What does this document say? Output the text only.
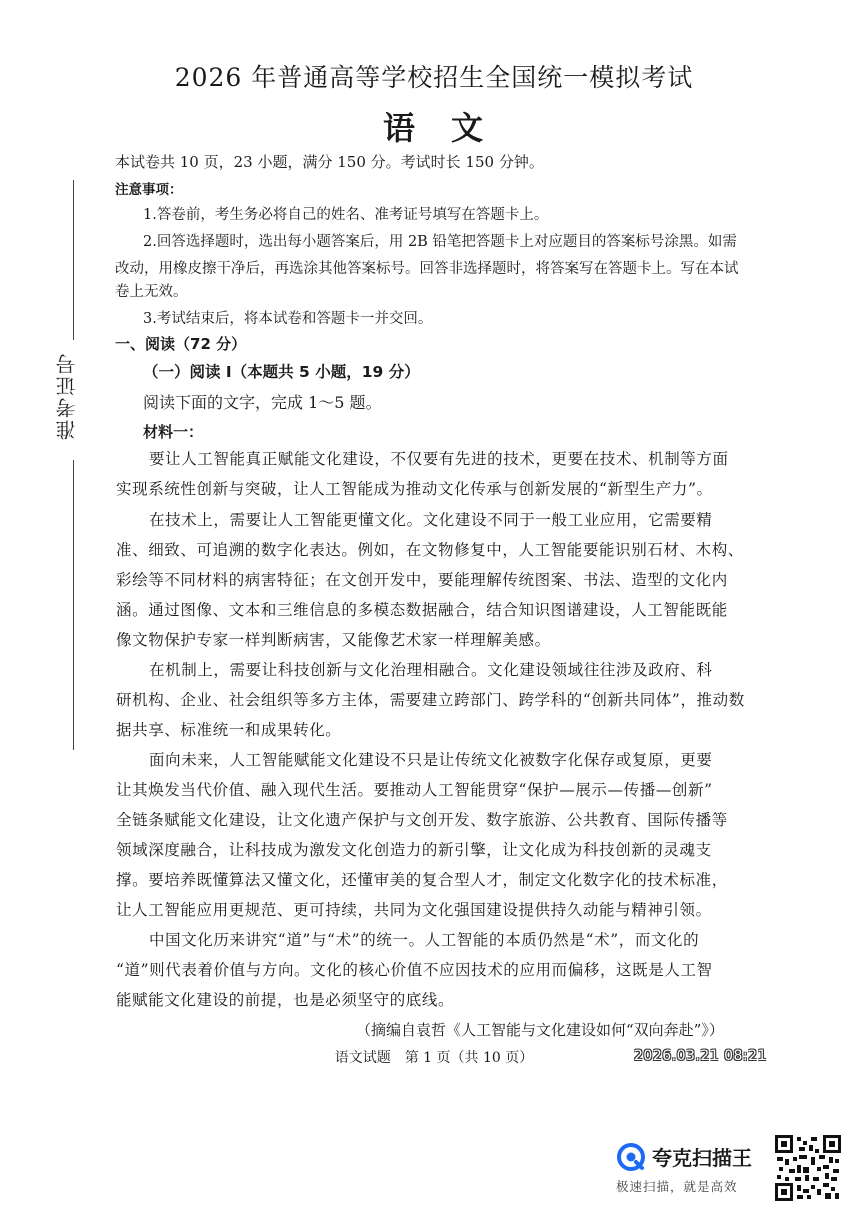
2026 年普通高等学校招生全国统一模拟考试
语　文
本试卷共 10 页，23 小题，满分 150 分。考试时长 150 分钟。
注意事项：
1.答卷前，考生务必将自己的姓名、准考证号填写在答题卡上。
2.回答选择题时，选出每小题答案后，用 2B 铅笔把答题卡上对应题目的答案标号涂黑。如需
改动，用橡皮擦干净后，再选涂其他答案标号。回答非选择题时，将答案写在答题卡上。写在本试
卷上无效。
3.考试结束后，将本试卷和答题卡一并交回。
准考证号
一、阅读（72 分）
（一）阅读 I（本题共 5 小题，19 分）
阅读下面的文字，完成 1～5 题。
材料一：
要让人工智能真正赋能文化建设，不仅要有先进的技术，更要在技术、机制等方面
实现系统性创新与突破，让人工智能成为推动文化传承与创新发展的“新型生产力”。
在技术上，需要让人工智能更懂文化。文化建设不同于一般工业应用，它需要精
准、细致、可追溯的数字化表达。例如，在文物修复中，人工智能要能识别石材、木构、
彩绘等不同材料的病害特征；在文创开发中，要能理解传统图案、书法、造型的文化内
涵。通过图像、文本和三维信息的多模态数据融合，结合知识图谱建设，人工智能既能
像文物保护专家一样判断病害，又能像艺术家一样理解美感。
在机制上，需要让科技创新与文化治理相融合。文化建设领域往往涉及政府、科
研机构、企业、社会组织等多方主体，需要建立跨部门、跨学科的“创新共同体”，推动数
据共享、标准统一和成果转化。
面向未来，人工智能赋能文化建设不只是让传统文化被数字化保存或复原，更要
让其焕发当代价值、融入现代生活。要推动人工智能贯穿“保护—展示—传播—创新”
全链条赋能文化建设，让文化遗产保护与文创开发、数字旅游、公共教育、国际传播等
领域深度融合，让科技成为激发文化创造力的新引擎，让文化成为科技创新的灵魂支
撑。要培养既懂算法又懂文化，还懂审美的复合型人才，制定文化数字化的技术标准，
让人工智能应用更规范、更可持续，共同为文化强国建设提供持久动能与精神引领。
中国文化历来讲究“道”与“术”的统一。人工智能的本质仍然是“术”，而文化的
“道”则代表着价值与方向。文化的核心价值不应因技术的应用而偏移，这既是人工智
能赋能文化建设的前提，也是必须坚守的底线。
（摘编自袁哲《人工智能与文化建设如何“双向奔赴”》）
语文试题　第 1 页（共 10 页）	2026.03.21 08:21
夸克扫描王
极速扫描，就是高效
